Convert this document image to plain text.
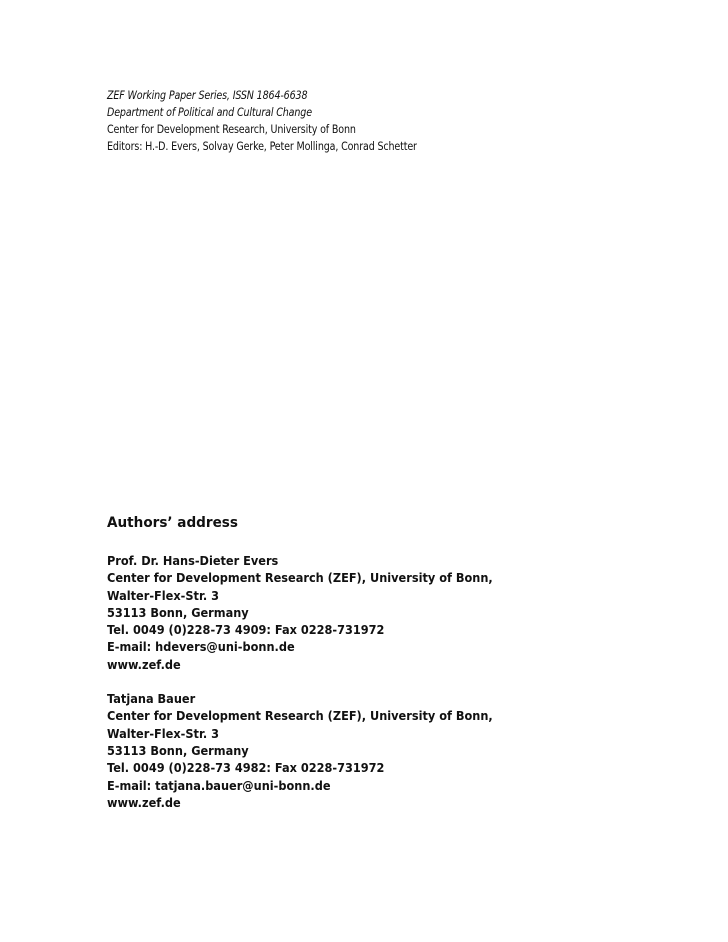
ZEF Working Paper Series, ISSN 1864-6638
Department of Political and Cultural Change
Center for Development Research, University of Bonn
Editors: H.-D. Evers, Solvay Gerke, Peter Mollinga, Conrad Schetter
Authors’ address
Prof. Dr. Hans-Dieter Evers
Center for Development Research (ZEF), University of Bonn,
Walter-Flex-Str. 3
53113 Bonn, Germany
Tel. 0049 (0)228-73 4909: Fax 0228-731972
E-mail: hdevers@uni-bonn.de
www.zef.de
Tatjana Bauer
Center for Development Research (ZEF), University of Bonn,
Walter-Flex-Str. 3
53113 Bonn, Germany
Tel. 0049 (0)228-73 4982: Fax 0228-731972
E-mail: tatjana.bauer@uni-bonn.de
www.zef.de
